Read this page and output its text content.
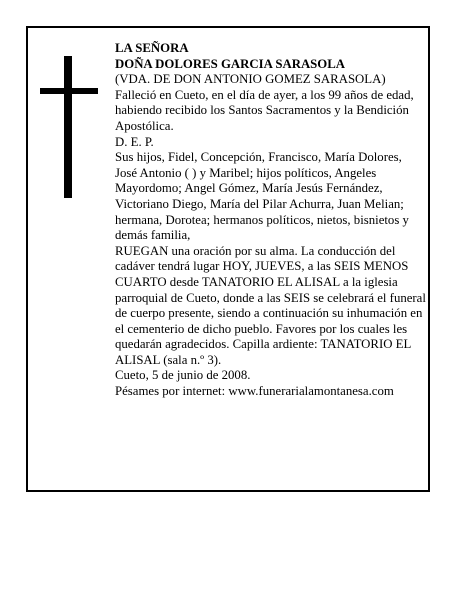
LA SEÑORA

DOÑA DOLORES GARCIA SARASOLA

(VDA. DE DON ANTONIO GOMEZ SARASOLA)

Falleció en Cueto, en el día de ayer, a los 99 años de edad, habiendo recibido los Santos Sacramentos y la Bendición Apostólica.

D. E. P.

Sus hijos, Fidel, Concepción, Francisco, María Dolores, José Antonio ( ) y Maribel; hijos políticos, Angeles Mayordomo; Angel Gómez, María Jesús Fernández, Victoriano Diego, María del Pilar Achurra, Juan Melian; hermana, Dorotea; hermanos políticos, nietos, bisnietos y demás familia,

RUEGAN una oración por su alma. La conducción del cadáver tendrá lugar HOY, JUEVES, a las SEIS MENOS CUARTO desde TANATORIO EL ALISAL a la iglesia parroquial de Cueto, donde a las SEIS se celebrará el funeral de cuerpo presente, siendo a continuación su inhumación en el cementerio de dicho pueblo. Favores por los cuales les quedarán agradecidos. Capilla ardiente: TANATORIO EL ALISAL (sala n.º 3).

Cueto, 5 de junio de 2008.

Pésames por internet: www.funerarialamontanesa.com
